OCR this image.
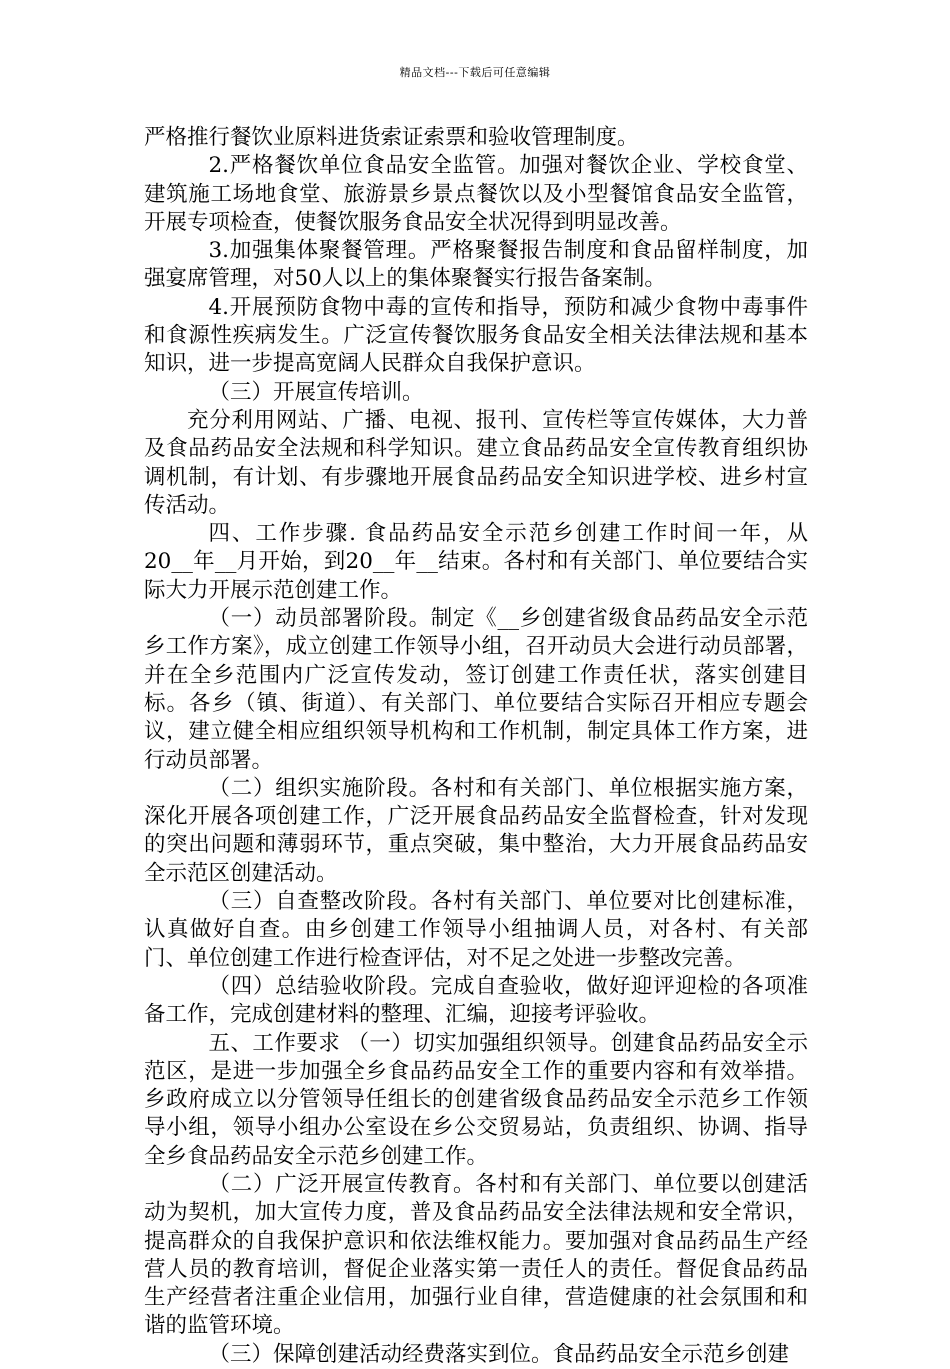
精品文档---下载后可任意编辑

严格推行餐饮业原料进货索证索票和验收管理制度。

2.严格餐饮单位食品安全监管。加强对餐饮企业、学校食堂、建筑施工场地食堂、旅游景乡景点餐饮以及小型餐馆食品安全监管，开展专项检查，使餐饮服务食品安全状况得到明显改善。

3.加强集体聚餐管理。严格聚餐报告制度和食品留样制度，加强宴席管理，对50人以上的集体聚餐实行报告备案制。

4.开展预防食物中毒的宣传和指导，预防和减少食物中毒事件和食源性疾病发生。广泛宣传餐饮服务食品安全相关法律法规和基本知识，进一步提高宽阔人民群众自我保护意识。

（三）开展宣传培训。

充分利用网站、广播、电视、报刊、宣传栏等宣传媒体，大力普及食品药品安全法规和科学知识。建立食品药品安全宣传教育组织协调机制，有计划、有步骤地开展食品药品安全知识进学校、进乡村宣传活动。

四、工作步骤. 食品药品安全示范乡创建工作时间一年，从20__年__月开始，到20__年__结束。各村和有关部门、单位要结合实际大力开展示范创建工作。

（一）动员部署阶段。制定《__乡创建省级食品药品安全示范乡工作方案》，成立创建工作领导小组，召开动员大会进行动员部署，并在全乡范围内广泛宣传发动，签订创建工作责任状，落实创建目标。各乡（镇、街道）、有关部门、单位要结合实际召开相应专题会议，建立健全相应组织领导机构和工作机制，制定具体工作方案，进行动员部署。

（二）组织实施阶段。各村和有关部门、单位根据实施方案，深化开展各项创建工作，广泛开展食品药品安全监督检查，针对发现的突出问题和薄弱环节，重点突破，集中整治，大力开展食品药品安全示范区创建活动。

（三）自查整改阶段。各村有关部门、单位要对比创建标准，认真做好自查。由乡创建工作领导小组抽调人员，对各村、有关部门、单位创建工作进行检查评估，对不足之处进一步整改完善。

（四）总结验收阶段。完成自查验收，做好迎评迎检的各项准备工作，完成创建材料的整理、汇编，迎接考评验收。

五、工作要求 （一）切实加强组织领导。创建食品药品安全示范区，是进一步加强全乡食品药品安全工作的重要内容和有效举措。乡政府成立以分管领导任组长的创建省级食品药品安全示范乡工作领导小组，领导小组办公室设在乡公交贸易站，负责组织、协调、指导全乡食品药品安全示范乡创建工作。

（二）广泛开展宣传教育。各村和有关部门、单位要以创建活动为契机，加大宣传力度，普及食品药品安全法律法规和安全常识，提高群众的自我保护意识和依法维权能力。要加强对食品药品生产经营人员的教育培训，督促企业落实第一责任人的责任。督促食品药品生产经营者注重企业信用，加强行业自律，营造健康的社会氛围和和谐的监管环境。

（三）保障创建活动经费落实到位。食品药品安全示范乡创建
